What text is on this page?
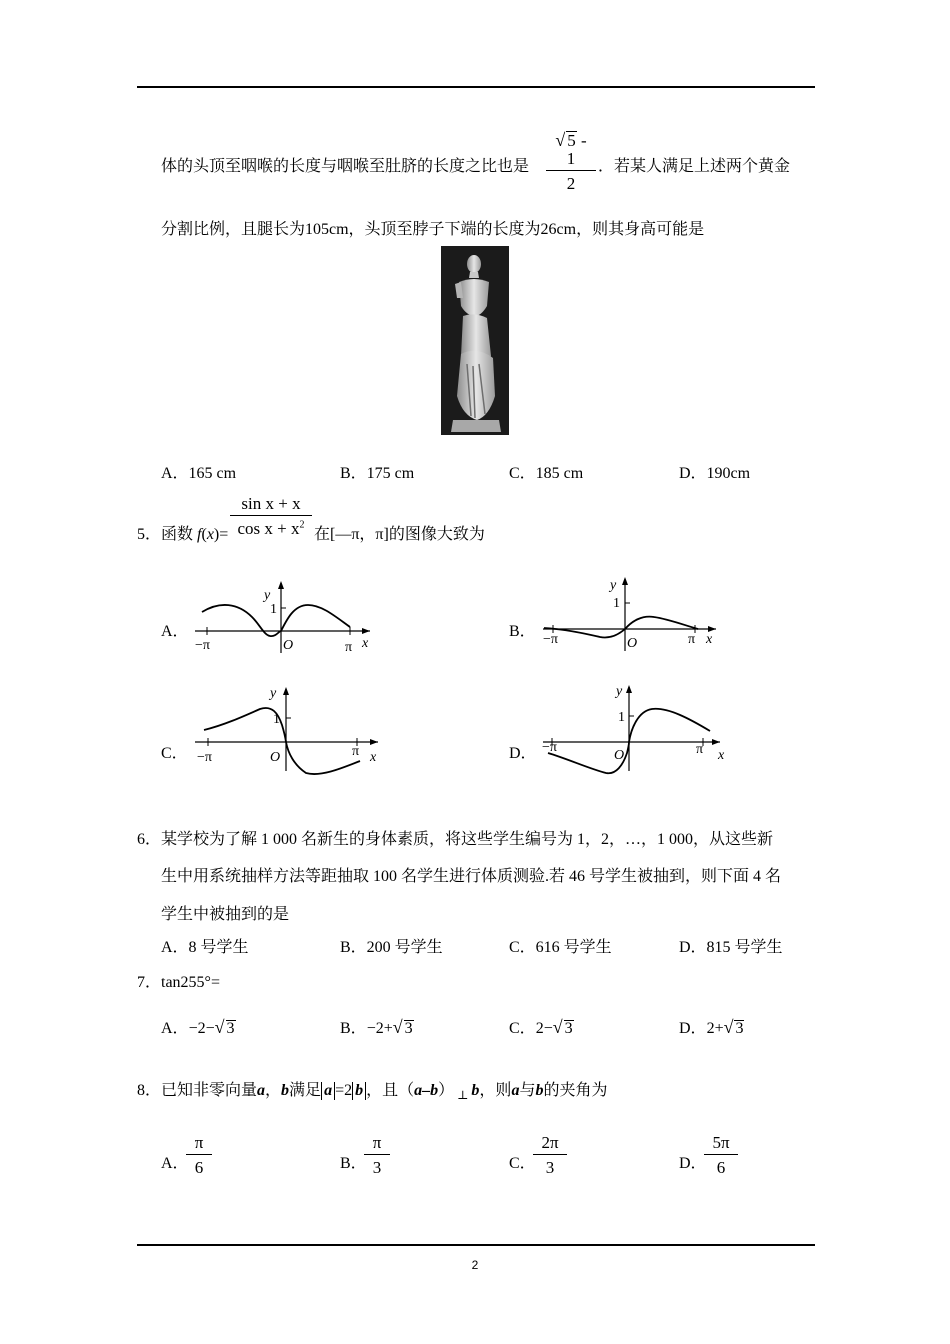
体的头顶至咽喉的长度与咽喉至肚脐的长度之比也是
√ 5 - 1
2
．若某人满足上述两个黄金
分割比例，且腿长为105cm，头顶至脖子下端的长度为26cm，则其身高可能是
A．165 cm	B．175 cm	C．185 cm	D．190cm
5．函数 f(x)=
sin x + x
$\cos x + x^2$
在[—π，π]的图像大致为
A．	B．
C．	D．
y
1
O
−π	π x
y
1
O
−π	π x
y
1
O
−π	π x
y
1
O
−π	π x
6．某学校为了解 1 000 名新生的身体素质，将这些学生编号为 1，2，…，1 000，从这些新
生中用系统抽样方法等距抽取 100 名学生进行体质测验.若 46 号学生被抽到，则下面 4 名
学生中被抽到的是
A．8 号学生	B．200 号学生	C．616 号学生	D．815 号学生
7．tan255°=
A．−2−√ 3	B．−2+√ 3	C．2−√ 3	D．2+√ 3
8．已知非零向量a，b满足 a =2 b ，且（a–b） $_\perp$ b，则a与b的夹角为
A．
π
6	B．
π
3	C．
2π
3	D．
5π
6
2
